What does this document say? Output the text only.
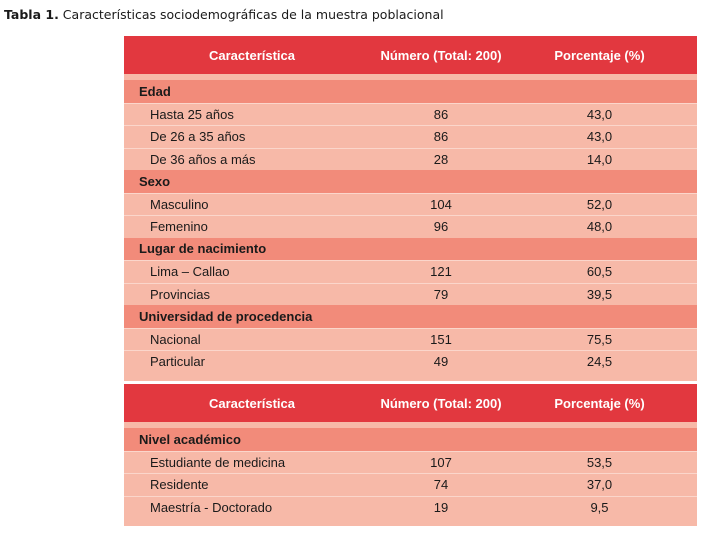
Tabla 1. Características sociodemográficas de la muestra poblacional
Característica	Número (Total: 200)	Porcentaje (%)
Edad
Hasta 25 años	86	43,0
De 26 a 35 años	86	43,0
De 36 años a más	28	14,0
Sexo
Masculino	104	52,0
Femenino	96	48,0
Lugar de nacimiento
Lima – Callao	121	60,5
Provincias	79	39,5
Universidad de procedencia
Nacional	151	75,5
Particular	49	24,5
Característica	Número (Total: 200)	Porcentaje (%)
Nivel académico
Estudiante de medicina	107	53,5
Residente	74	37,0
Maestría - Doctorado	19	9,5
